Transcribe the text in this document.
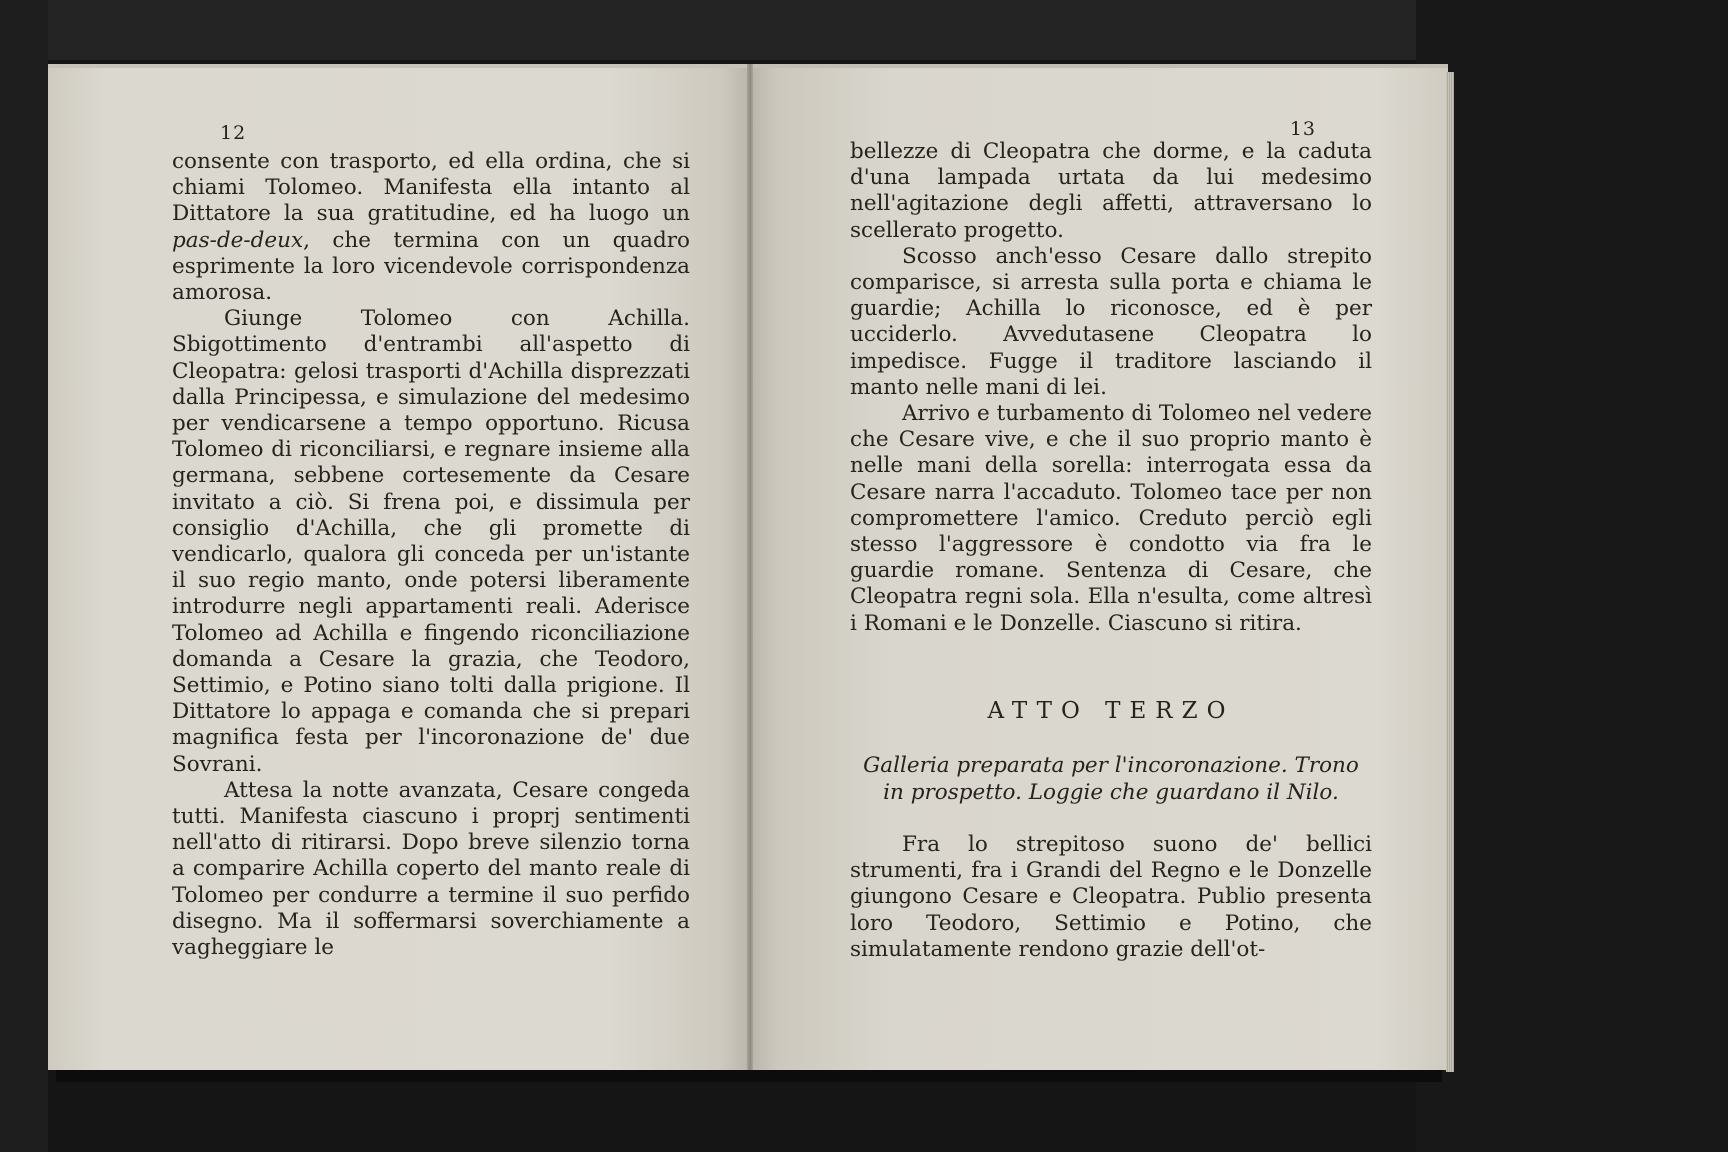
12

consente con trasporto, ed ella ordina, che si chiami Tolomeo. Manifesta ella intanto al Dittatore la sua gratitudine, ed ha luogo un pas-de-deux, che termina con un quadro esprimente la loro vicendevole corrispondenza amorosa.

Giunge Tolomeo con Achilla. Sbigottimento d'entrambi all'aspetto di Cleopatra: gelosi trasporti d'Achilla disprezzati dalla Principessa, e simulazione del medesimo per vendicarsene a tempo opportuno. Ricusa Tolomeo di riconciliarsi, e regnare insieme alla germana, sebbene cortesemente da Cesare invitato a ciò. Si frena poi, e dissimula per consiglio d'Achilla, che gli promette di vendicarlo, qualora gli conceda per un'istante il suo regio manto, onde potersi liberamente introdurre negli appartamenti reali. Aderisce Tolomeo ad Achilla e fingendo riconciliazione domanda a Cesare la grazia, che Teodoro, Settimio, e Potino siano tolti dalla prigione. Il Dittatore lo appaga e comanda che si prepari magnifica festa per l'incoronazione de' due Sovrani.

Attesa la notte avanzata, Cesare congeda tutti. Manifesta ciascuno i proprj sentimenti nell'atto di ritirarsi. Dopo breve silenzio torna a comparire Achilla coperto del manto reale di Tolomeo per condurre a termine il suo perfido disegno. Ma il soffermarsi soverchiamente a vagheggiare le

13

bellezze di Cleopatra che dorme, e la caduta d'una lampada urtata da lui medesimo nell'agitazione degli affetti, attraversano lo scellerato progetto.

Scosso anch'esso Cesare dallo strepito comparisce, si arresta sulla porta e chiama le guardie; Achilla lo riconosce, ed è per ucciderlo. Avvedutasene Cleopatra lo impedisce. Fugge il traditore lasciando il manto nelle mani di lei.

Arrivo e turbamento di Tolomeo nel vedere che Cesare vive, e che il suo proprio manto è nelle mani della sorella: interrogata essa da Cesare narra l'accaduto. Tolomeo tace per non compromettere l'amico. Creduto perciò egli stesso l'aggressore è condotto via fra le guardie romane. Sentenza di Cesare, che Cleopatra regni sola. Ella n'esulta, come altresì i Romani e le Donzelle. Ciascuno si ritira.

ATTO TERZO
Galleria preparata per l'incoronazione. Trono in prospetto. Loggie che guardano il Nilo.

Fra lo strepitoso suono de' bellici strumenti, fra i Grandi del Regno e le Donzelle giungono Cesare e Cleopatra. Publio presenta loro Teodoro, Settimio e Potino, che simulatamente rendono grazie dell'ot-
